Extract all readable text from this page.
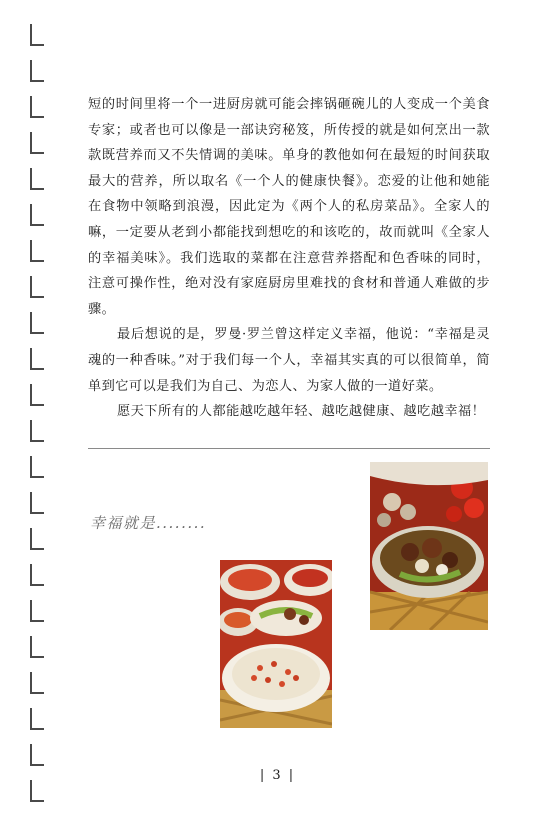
短的时间里将一个一进厨房就可能会摔锅砸碗儿的人变成一个美食专家；或者也可以像是一部诀窍秘笈，所传授的就是如何烹出一款款既营养而又不失情调的美味。单身的教他如何在最短的时间获取最大的营养，所以取名《一个人的健康快餐》。恋爱的让他和她能在食物中领略到浪漫，因此定为《两个人的私房菜品》。全家人的嘛，一定要从老到小都能找到想吃的和该吃的，故而就叫《全家人的幸福美味》。我们选取的菜都在注意营养搭配和色香味的同时，注意可操作性，绝对没有家庭厨房里难找的食材和普通人难做的步骤。

最后想说的是，罗曼·罗兰曾这样定义幸福，他说：“幸福是灵魂的一种香味。”对于我们每一个人，幸福其实真的可以很简单，简单到它可以是我们为自己、为恋人、为家人做的一道好菜。

愿天下所有的人都能越吃越年轻、越吃越健康、越吃越幸福！

幸福就是........
| 3 |
